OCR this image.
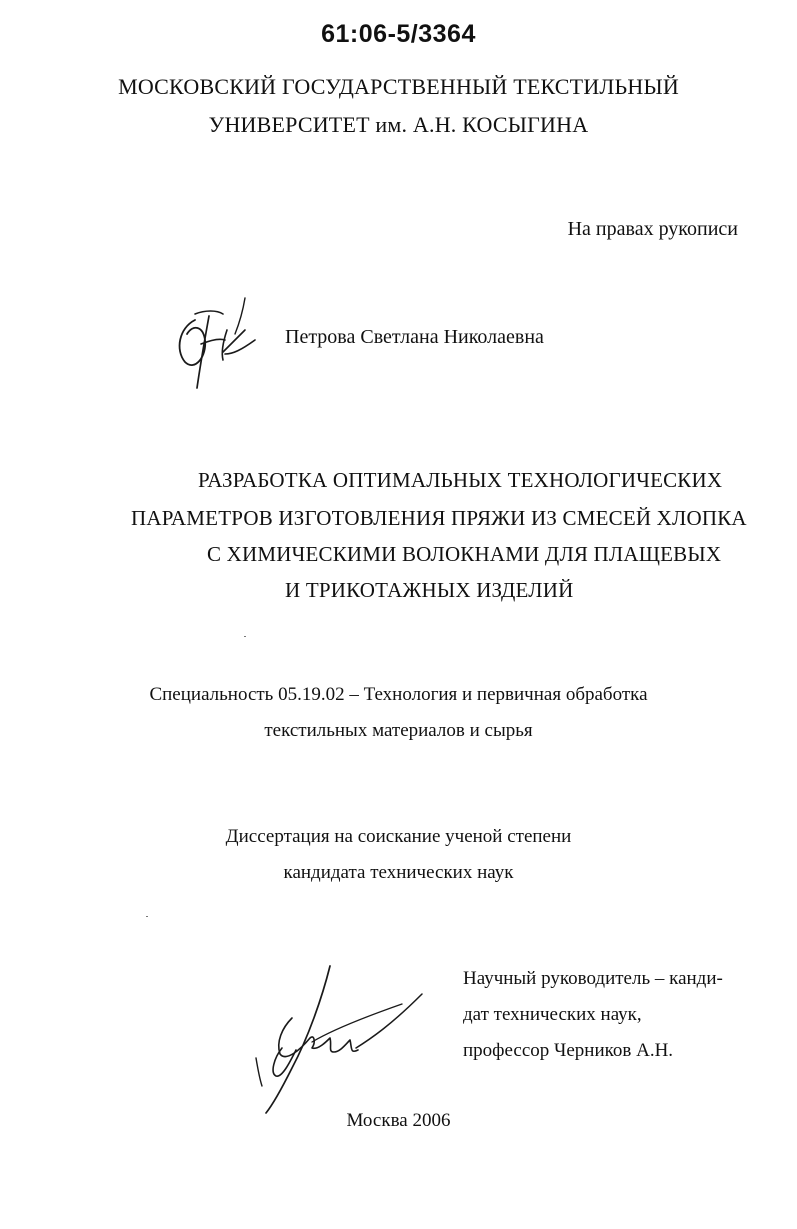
61:06-5/3364
МОСКОВСКИЙ ГОСУДАРСТВЕННЫЙ ТЕКСТИЛЬНЫЙ
УНИВЕРСИТЕТ им. А.Н. КОСЫГИНА
На правах рукописи
Петрова Светлана Николаевна
РАЗРАБОТКА ОПТИМАЛЬНЫХ ТЕХНОЛОГИЧЕСКИХ
ПАРАМЕТРОВ ИЗГОТОВЛЕНИЯ ПРЯЖИ ИЗ СМЕСЕЙ ХЛОПКА
С ХИМИЧЕСКИМИ ВОЛОКНАМИ ДЛЯ ПЛАЩЕВЫХ
И ТРИКОТАЖНЫХ ИЗДЕЛИЙ
Специальность 05.19.02 – Технология и первичная обработка
текстильных материалов и сырья
Диссертация на соискание ученой степени
кандидата технических наук
Научный руководитель – канди-
дат технических наук,
профессор Черников А.Н.
Москва 2006
